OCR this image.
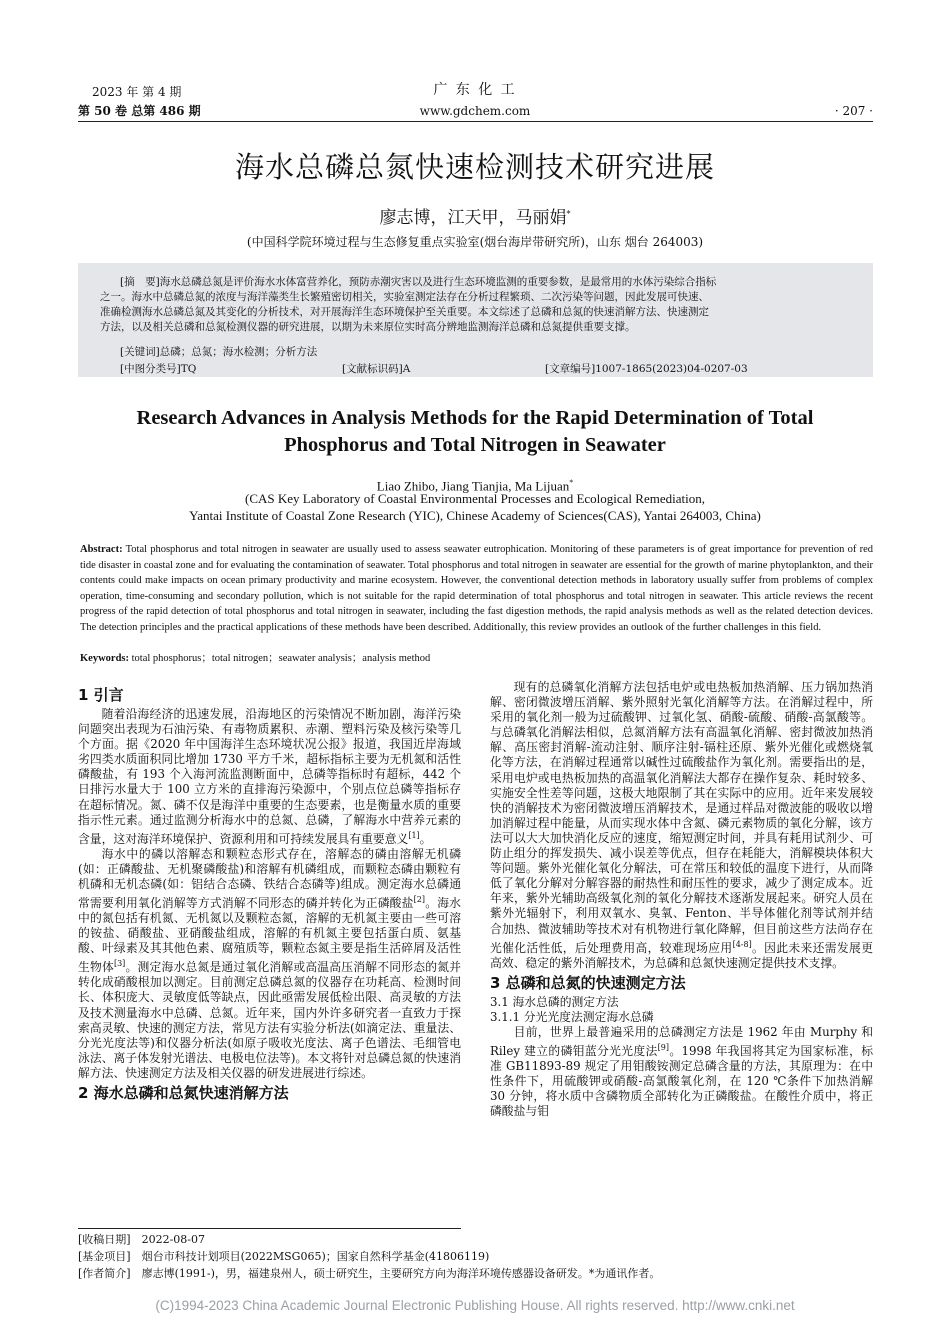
2023 年 第 4 期
第 50 卷 总第 486 期
广 东 化 工
www.gdchem.com	· 207 ·
海水总磷总氮快速检测技术研究进展
廖志博，江天甲，马丽娟*
(中国科学院环境过程与生态修复重点实验室(烟台海岸带研究所)，山东 烟台 264003)
[摘　要]海水总磷总氮是评价海水水体富营养化，预防赤潮灾害以及进行生态环境监测的重要参数，是最常用的水体污染综合指标
之一。海水中总磷总氮的浓度与海洋藻类生长繁殖密切相关，实验室测定法存在分析过程繁琐、二次污染等问题，因此发展可快速、
准确检测海水总磷总氮及其变化的分析技术，对开展海洋生态环境保护至关重要。本文综述了总磷和总氮的快速消解方法、快速测定
方法，以及相关总磷和总氮检测仪器的研究进展，以期为未来原位实时高分辨地监测海洋总磷和总氮提供重要支撑。
[关键词]总磷；总氮；海水检测；分析方法
[中图分类号]TQ	[文献标识码]A	[文章编号]1007-1865(2023)04-0207-03
Research Advances in Analysis Methods for the Rapid Determination of Total
Phosphorus and Total Nitrogen in Seawater
Liao Zhibo, Jiang Tianjia, Ma Lijuan*
(CAS Key Laboratory of Coastal Environmental Processes and Ecological Remediation,
Yantai Institute of Coastal Zone Research (YIC), Chinese Academy of Sciences(CAS), Yantai 264003, China)
Abstract: Total phosphorus and total nitrogen in seawater are usually used to assess seawater eutrophication. Monitoring of these parameters is of great importance for prevention of red tide disaster in coastal zone and for evaluating the contamination of seawater. Total phosphorus and total nitrogen in seawater are essential for the growth of marine phytoplankton, and their contents could make impacts on ocean primary productivity and marine ecosystem. However, the conventional detection methods in laboratory usually suffer from problems of complex operation, time-consuming and secondary pollution, which is not suitable for the rapid determination of total phosphorus and total nitrogen in seawater. This article reviews the recent progress of the rapid detection of total phosphorus and total nitrogen in seawater, including the fast digestion methods, the rapid analysis methods as well as the related detection devices. The detection principles and the practical applications of these methods have been described. Additionally, this review provides an outlook of the further challenges in this field.
Keywords: total phosphorus；total nitrogen；seawater analysis；analysis method
1 引言

随着沿海经济的迅速发展，沿海地区的污染情况不断加剧，海洋污染问题突出表现为石油污染、有毒物质累积、赤潮、塑料污染及核污染等几个方面。据《2020 年中国海洋生态环境状况公报》报道，我国近岸海域劣四类水质面积同比增加 1730 平方千米，超标指标主要为无机氮和活性磷酸盐，有 193 个入海河流监测断面中，总磷等指标时有超标，442 个日排污水量大于 100 立方米的直排海污染源中，个别点位总磷等指标存在超标情况。氮、磷不仅是海洋中重要的生态要素，也是衡量水质的重要指示性元素。通过监测分析海水中的总氮、总磷，了解海水中营养元素的含量，这对海洋环境保护、资源利用和可持续发展具有重要意义[1]。

海水中的磷以溶解态和颗粒态形式存在，溶解态的磷由溶解无机磷(如：正磷酸盐、无机聚磷酸盐)和溶解有机磷组成，而颗粒态磷由颗粒有机磷和无机态磷(如：铝结合态磷、铁结合态磷等)组成。测定海水总磷通常需要利用氧化消解等方式消解不同形态的磷并转化为正磷酸盐[2]。海水中的氮包括有机氮、无机氮以及颗粒态氮，溶解的无机氮主要由一些可溶的铵盐、硝酸盐、亚硝酸盐组成，溶解的有机氮主要包括蛋白质、氨基酸、叶绿素及其其他色素、腐殖质等，颗粒态氮主要是指生活碎屑及活性生物体[3]。测定海水总氮是通过氧化消解或高温高压消解不同形态的氮并转化成硝酸根加以测定。目前测定总磷总氮的仪器存在功耗高、检测时间长、体积庞大、灵敏度低等缺点，因此亟需发展低检出限、高灵敏的方法及技术测量海水中总磷、总氮。近年来，国内外许多研究者一直致力于探索高灵敏、快速的测定方法，常见方法有实验分析法(如滴定法、重量法、分光光度法等)和仪器分析法(如原子吸收光度法、离子色谱法、毛细管电泳法、离子体发射光谱法、电极电位法等)。本文将针对总磷总氮的快速消解方法、快速测定方法及相关仪器的研发进展进行综述。

2 海水总磷和总氮快速消解方法

现有的总磷氧化消解方法包括电炉或电热板加热消解、压力锅加热消解、密闭微波增压消解、紫外照射光氧化消解等方法。在消解过程中，所采用的氧化剂一般为过硫酸钾、过氧化氢、硝酸-硫酸、硝酸-高氯酸等。与总磷氧化消解法相似，总氮消解方法有高温氧化消解、密封微波加热消解、高压密封消解-流动注射、顺序注射-镉柱还原、紫外光催化或燃烧氧化等方法，在消解过程通常以碱性过硫酸盐作为氧化剂。需要指出的是，采用电炉或电热板加热的高温氧化消解法大都存在操作复杂、耗时较多、实施安全性差等问题，这极大地限制了其在实际中的应用。近年来发展较快的消解技术为密闭微波增压消解技术，是通过样品对微波能的吸收以增加消解过程中能量，从而实现水体中含氮、磷元素物质的氧化分解，该方法可以大大加快消化反应的速度，缩短测定时间，并具有耗用试剂少、可防止组分的挥发损失、减小误差等优点，但存在耗能大，消解模块体积大等问题。紫外光催化氧化分解法，可在常压和较低的温度下进行，从而降低了氧化分解对分解容器的耐热性和耐压性的要求，减少了测定成本。近年来，紫外光辅助高级氧化剂的氧化分解技术逐渐发展起来。研究人员在紫外光辐射下，利用双氧水、臭氧、Fenton、半导体催化剂等试剂并结合加热、微波辅助等技术对有机物进行氧化降解，但目前这些方法尚存在光催化活性低，后处理费用高，较难现场应用[4-8]。因此未来还需发展更高效、稳定的紫外消解技术，为总磷和总氮快速测定提供技术支撑。

3 总磷和总氮的快速测定方法
3.1 海水总磷的测定方法
3.1.1 分光光度法测定海水总磷

目前，世界上最普遍采用的总磷测定方法是 1962 年由 Murphy 和 Riley 建立的磷钼蓝分光光度法[9]。1998 年我国将其定为国家标准，标准 GB11893-89 规定了用钼酸铵测定总磷含量的方法，其原理为：在中性条件下，用硫酸钾或硝酸-高氯酸氧化剂，在 120 ℃条件下加热消解 30 分钟，将水质中含磷物质全部转化为正磷酸盐。在酸性介质中，将正磷酸盐与钼

[收稿日期]　2022-08-07
[基金项目]　烟台市科技计划项目(2022MSG065)；国家自然科学基金(41806119)
[作者简介]　廖志博(1991-)，男，福建泉州人，硕士研究生，主要研究方向为海洋环境传感器设备研发。*为通讯作者。
(C)1994-2023 China Academic Journal Electronic Publishing House. All rights reserved. http://www.cnki.net
